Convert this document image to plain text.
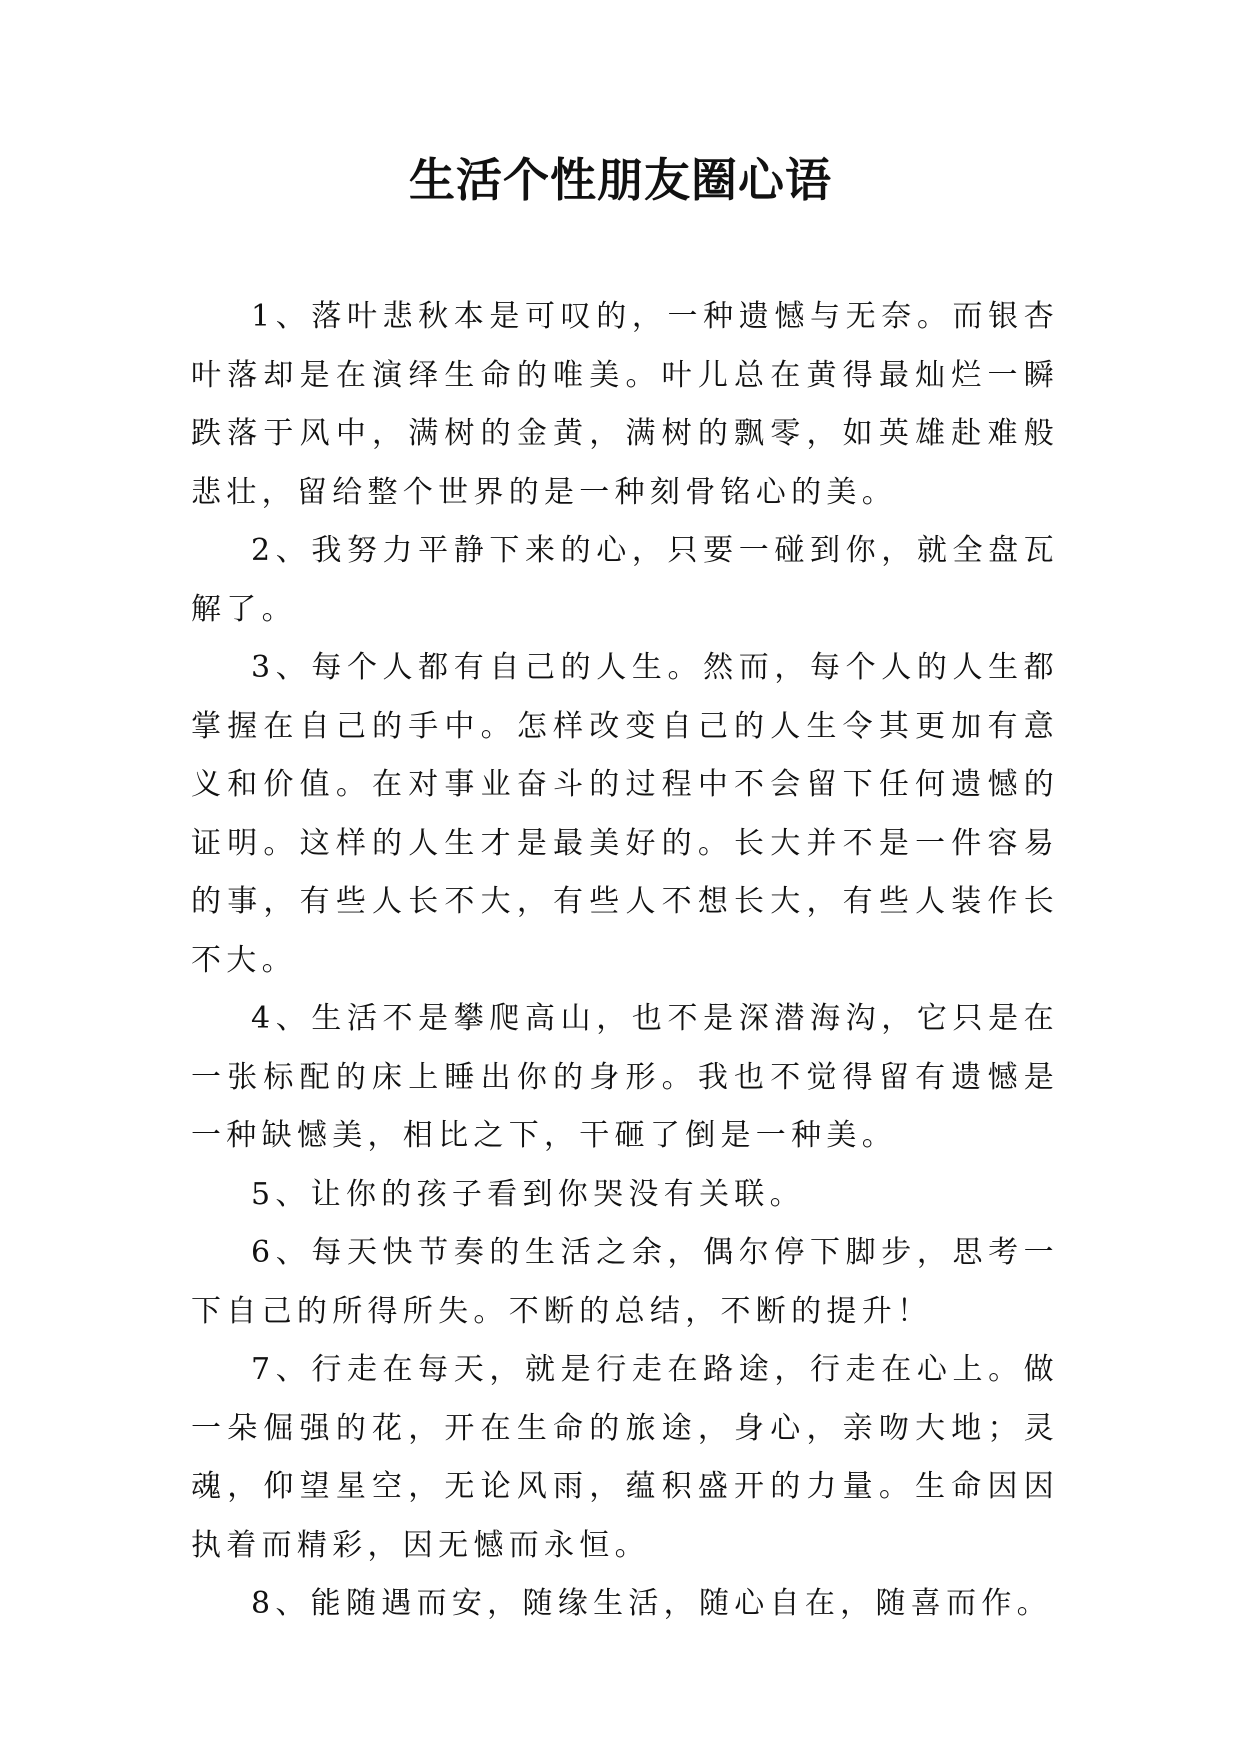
生活个性朋友圈心语

1、落叶悲秋本是可叹的，一种遗憾与无奈。而银杏叶落却是在演绎生命的唯美。叶儿总在黄得最灿烂一瞬跌落于风中，满树的金黄，满树的飘零，如英雄赴难般悲壮，留给整个世界的是一种刻骨铭心的美。

2、我努力平静下来的心，只要一碰到你，就全盘瓦解了。

3、每个人都有自己的人生。然而，每个人的人生都掌握在自己的手中。怎样改变自己的人生令其更加有意义和价值。在对事业奋斗的过程中不会留下任何遗憾的证明。这样的人生才是最美好的。长大并不是一件容易的事，有些人长不大，有些人不想长大，有些人装作长不大。

4、生活不是攀爬高山，也不是深潜海沟，它只是在一张标配的床上睡出你的身形。我也不觉得留有遗憾是一种缺憾美，相比之下，干砸了倒是一种美。

5、让你的孩子看到你哭没有关联。

6、每天快节奏的生活之余，偶尔停下脚步，思考一下自己的所得所失。不断的总结，不断的提升！

7、行走在每天，就是行走在路途，行走在心上。做一朵倔强的花，开在生命的旅途，身心，亲吻大地；灵魂，仰望星空，无论风雨，蕴积盛开的力量。生命因因执着而精彩，因无憾而永恒。

8、能随遇而安，随缘生活，随心自在，随喜而作。
